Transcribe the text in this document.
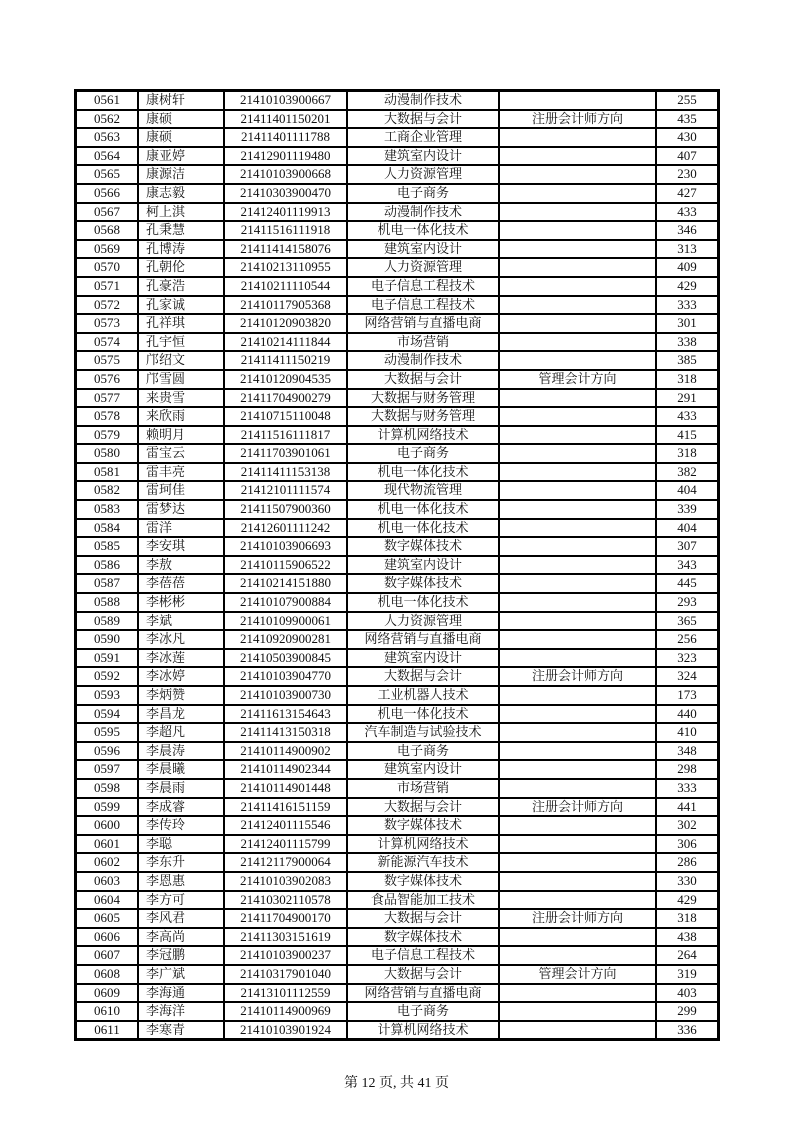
0561	康树轩	21410103900667	动漫制作技术		255
0562	康硕	21411401150201	大数据与会计	注册会计师方向	435
0563	康硕	21411401111788	工商企业管理		430
0564	康亚婷	21412901119480	建筑室内设计		407
0565	康源洁	21410103900668	人力资源管理		230
0566	康志毅	21410303900470	电子商务		427
0567	柯上淇	21412401119913	动漫制作技术		433
0568	孔秉慧	21411516111918	机电一体化技术		346
0569	孔博涛	21411414158076	建筑室内设计		313
0570	孔朝伦	21410213110955	人力资源管理		409
0571	孔豪浩	21410211110544	电子信息工程技术		429
0572	孔家诚	21410117905368	电子信息工程技术		333
0573	孔祥琪	21410120903820	网络营销与直播电商		301
0574	孔宇恒	21410214111844	市场营销		338
0575	邝绍文	21411411150219	动漫制作技术		385
0576	邝雪圆	21410120904535	大数据与会计	管理会计方向	318
0577	来贵雪	21411704900279	大数据与财务管理		291
0578	来欣雨	21410715110048	大数据与财务管理		433
0579	赖明月	21411516111817	计算机网络技术		415
0580	雷宝云	21411703901061	电子商务		318
0581	雷丰亮	21411411153138	机电一体化技术		382
0582	雷珂佳	21412101111574	现代物流管理		404
0583	雷梦达	21411507900360	机电一体化技术		339
0584	雷洋	21412601111242	机电一体化技术		404
0585	李安琪	21410103906693	数字媒体技术		307
0586	李敖	21410115906522	建筑室内设计		343
0587	李蓓蓓	21410214151880	数字媒体技术		445
0588	李彬彬	21410107900884	机电一体化技术		293
0589	李斌	21410109900061	人力资源管理		365
0590	李冰凡	21410920900281	网络营销与直播电商		256
0591	李冰莲	21410503900845	建筑室内设计		323
0592	李冰婷	21410103904770	大数据与会计	注册会计师方向	324
0593	李炳赞	21410103900730	工业机器人技术		173
0594	李昌龙	21411613154643	机电一体化技术		440
0595	李超凡	21411413150318	汽车制造与试验技术		410
0596	李晨涛	21410114900902	电子商务		348
0597	李晨曦	21410114902344	建筑室内设计		298
0598	李晨雨	21410114901448	市场营销		333
0599	李成睿	21411416151159	大数据与会计	注册会计师方向	441
0600	李传玲	21412401115546	数字媒体技术		302
0601	李聪	21412401115799	计算机网络技术		306
0602	李东升	21412117900064	新能源汽车技术		286
0603	李恩惠	21410103902083	数字媒体技术		330
0604	李方可	21410302110578	食品智能加工技术		429
0605	李风君	21411704900170	大数据与会计	注册会计师方向	318
0606	李高尚	21411303151619	数字媒体技术		438
0607	李冠鹏	21410103900237	电子信息工程技术		264
0608	李广斌	21410317901040	大数据与会计	管理会计方向	319
0609	李海通	21413101112559	网络营销与直播电商		403
0610	李海洋	21410114900969	电子商务		299
0611	李寒青	21410103901924	计算机网络技术		336
第 12 页, 共 41 页
